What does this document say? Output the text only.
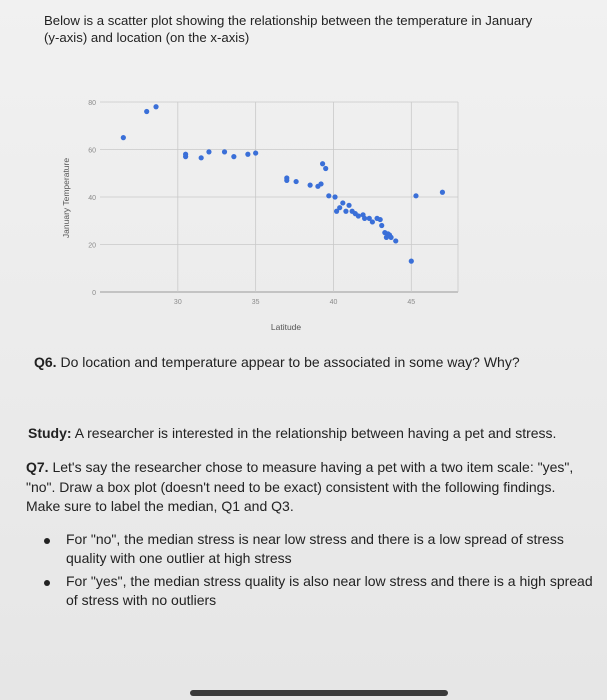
Below is a scatter plot showing the relationship between the temperature in January

(y-axis) and location (on the x-axis)

0
20
40
60
80
30	35	40	45
Latitude
January Temperature

Q6. Do location and temperature appear to be associated in some way? Why?

Study: A researcher is interested in the relationship between having a pet and stress.

Q7. Let's say the researcher chose to measure having a pet with a two item scale: "yes", "no". Draw a box plot (doesn't need to be exact) consistent with the following findings. Make sure to label the median, Q1 and Q3.

For "no", the median stress is near low stress and there is a low spread of stress quality with one outlier at high stress
For "yes", the median stress quality is also near low stress and there is a high spread of stress with no outliers
